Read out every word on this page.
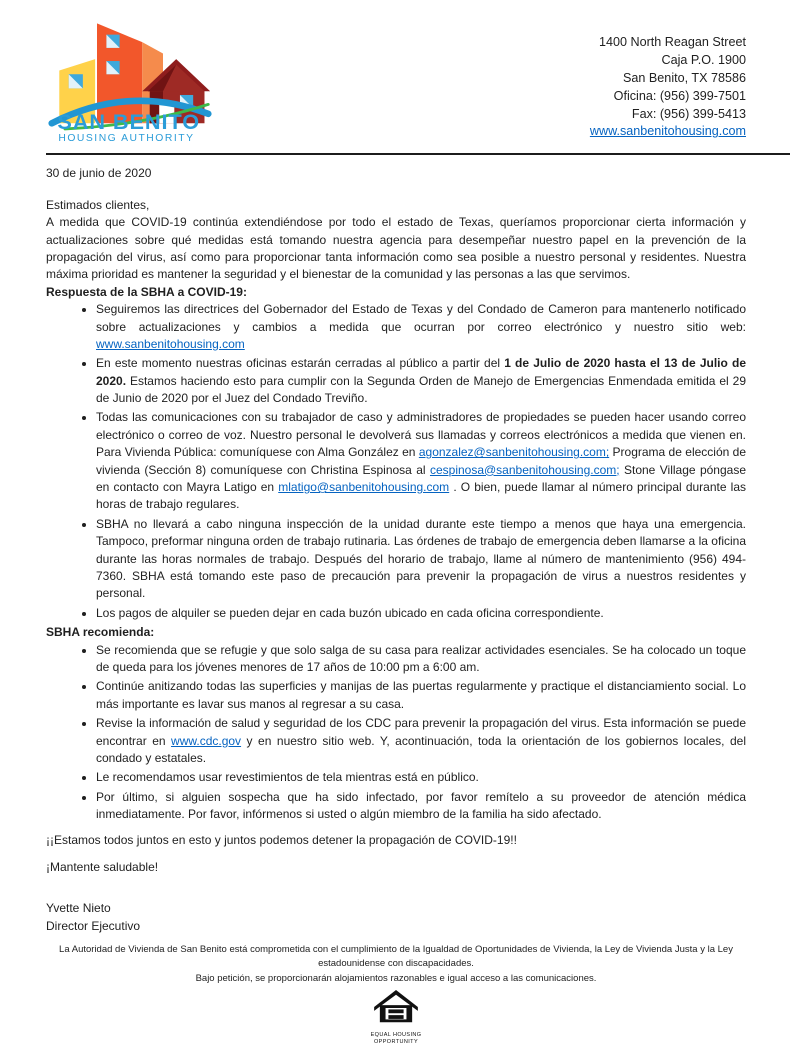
SAN BENITO
HOUSING AUTHORITY
1400 North Reagan Street
Caja P.O. 1900
San Benito, TX 78586
Oficina: (956) 399-7501
Fax: (956) 399-5413
www.sanbenitohousing.com

30 de junio de 2020

Estimados clientes,

A medida que COVID-19 continúa extendiéndose por todo el estado de Texas, queríamos proporcionar cierta información y actualizaciones sobre qué medidas está tomando nuestra agencia para desempeñar nuestro papel en la prevención de la propagación del virus, así como para proporcionar tanta información como sea posible a nuestro personal y residentes. Nuestra máxima prioridad es mantener la seguridad y el bienestar de la comunidad y las personas a las que servimos.

Respuesta de la SBHA a COVID-19:

• Seguiremos las directrices del Gobernador del Estado de Texas y del Condado de Cameron para mantenerlo notificado sobre actualizaciones y cambios a medida que ocurran por correo electrónico y nuestro sitio web: www.sanbenitohousing.com
• En este momento nuestras oficinas estarán cerradas al público a partir del 1 de Julio de 2020 hasta el 13 de Julio de 2020. Estamos haciendo esto para cumplir con la Segunda Orden de Manejo de Emergencias Enmendada emitida el 29 de Junio de 2020 por el Juez del Condado Treviño.
• Todas las comunicaciones con su trabajador de caso y administradores de propiedades se pueden hacer usando correo electrónico o correo de voz. Nuestro personal le devolverá sus llamadas y correos electrónicos a medida que vienen en. Para Vivienda Pública: comuníquese con Alma González en agonzalez@sanbenitohousing.com; Programa de elección de vivienda (Sección 8) comuníquese con Christina Espinosa al cespinosa@sanbenitohousing.com; Stone Village póngase en contacto con Mayra Latigo en mlatigo@sanbenitohousing.com . O bien, puede llamar al número principal durante las horas de trabajo regulares.
• SBHA no llevará a cabo ninguna inspección de la unidad durante este tiempo a menos que haya una emergencia. Tampoco, preformar ninguna orden de trabajo rutinaria. Las órdenes de trabajo de emergencia deben llamarse a la oficina durante las horas normales de trabajo. Después del horario de trabajo, llame al número de mantenimiento (956) 494-7360. SBHA está tomando este paso de precaución para prevenir la propagación de virus a nuestros residentes y personal.
• Los pagos de alquiler se pueden dejar en cada buzón ubicado en cada oficina correspondiente.

SBHA recomienda:

• Se recomienda que se refugie y que solo salga de su casa para realizar actividades esenciales. Se ha colocado un toque de queda para los jóvenes menores de 17 años de 10:00 pm a 6:00 am.
• Continúe anitizando todas las superficies y manijas de las puertas regularmente y practique el distanciamiento social. Lo más importante es lavar sus manos al regresar a su casa.
• Revise la información de salud y seguridad de los CDC para prevenir la propagación del virus. Esta información se puede encontrar en www.cdc.gov y en nuestro sitio web. Y, acontinuación, toda la orientación de los gobiernos locales, del condado y estatales.
• Le recomendamos usar revestimientos de tela mientras está en público.
• Por último, si alguien sospecha que ha sido infectado, por favor remítelo a su proveedor de atención médica inmediatamente. Por favor, infórmenos si usted o algún miembro de la familia ha sido afectado.

¡¡Estamos todos juntos en esto y juntos podemos detener la propagación de COVID-19!!

¡Mantente saludable!

Yvette Nieto

Director Ejecutivo

La Autoridad de Vivienda de San Benito está comprometida con el cumplimiento de la Igualdad de Oportunidades de Vivienda, la Ley de Vivienda Justa y la Ley estadounidense con discapacidades.

Bajo petición, se proporcionarán alojamientos razonables e igual acceso a las comunicaciones.

EQUAL HOUSING
OPPORTUNITY
